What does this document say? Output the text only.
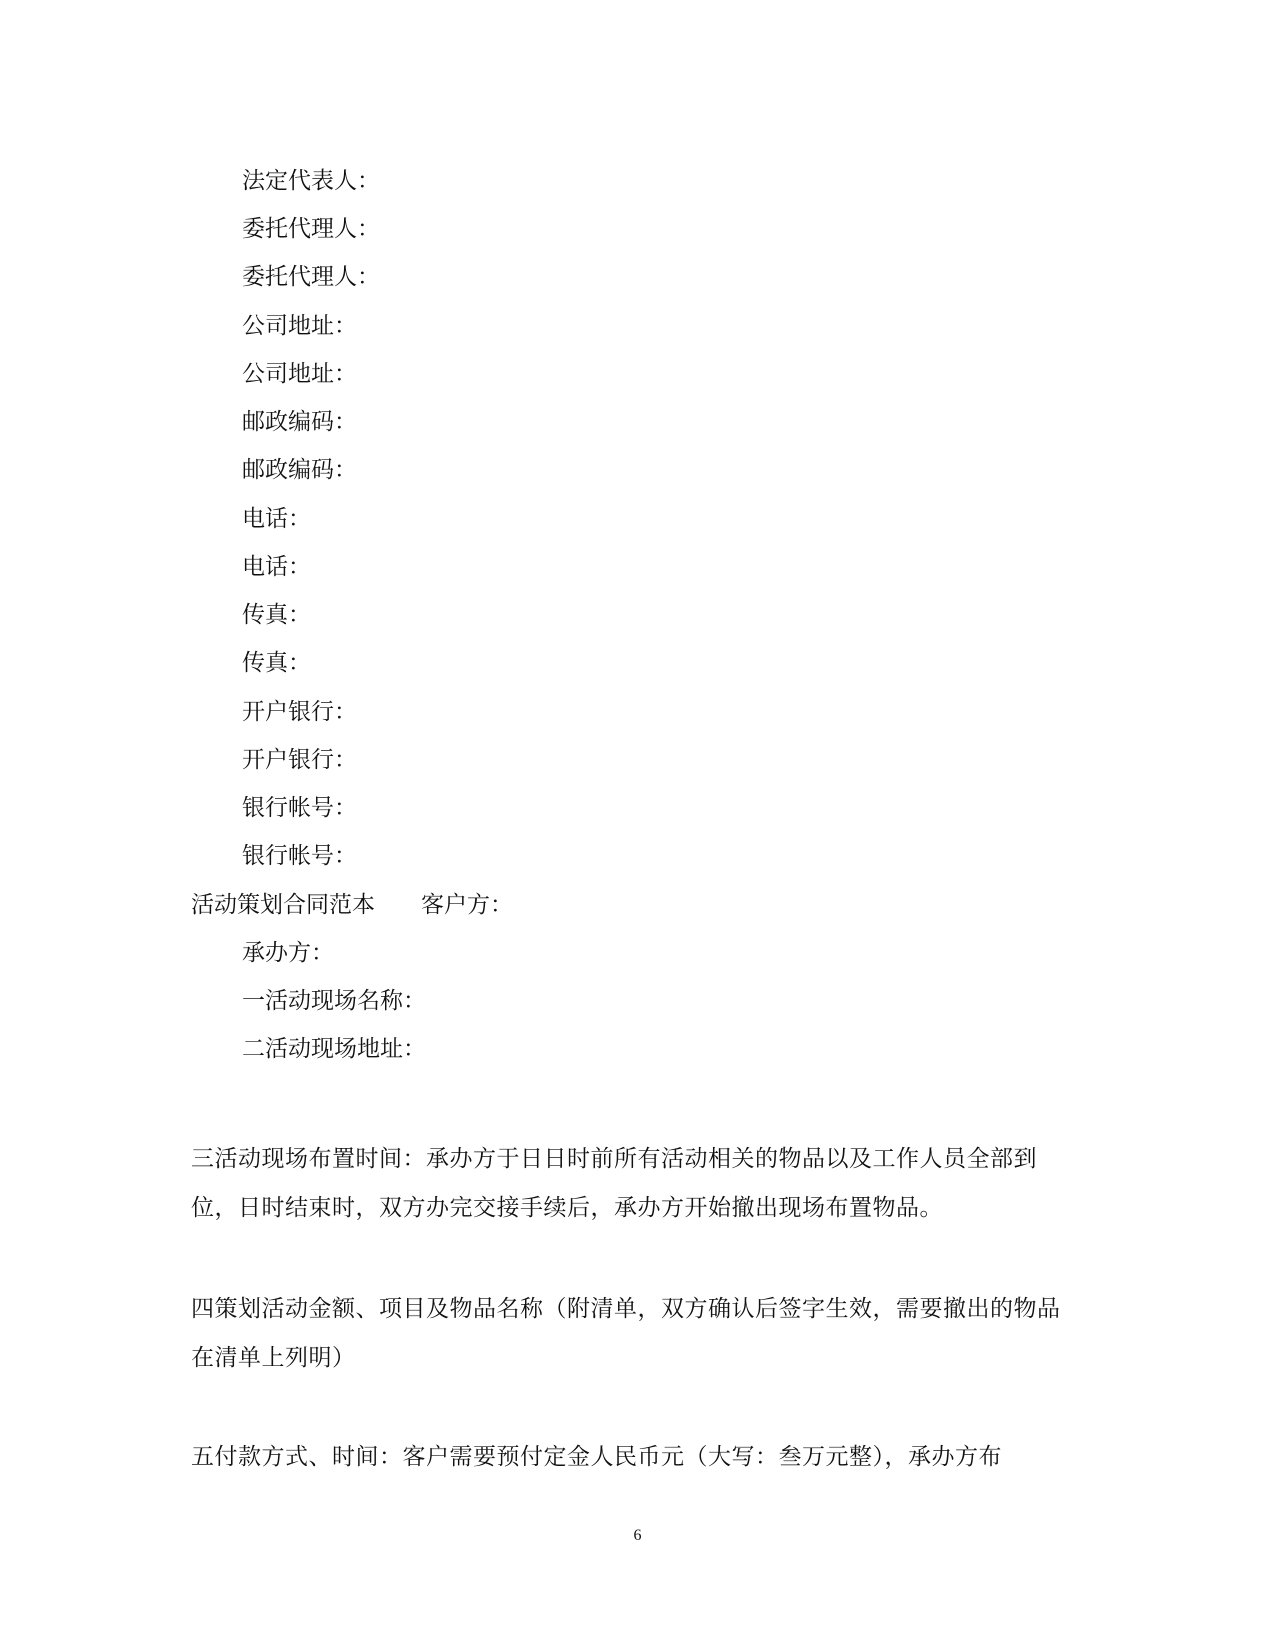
法定代表人：
委托代理人：
委托代理人：
公司地址：
公司地址：
邮政编码：
邮政编码：
电话：
电话：
传真：
传真：
开户银行：
开户银行：
银行帐号：
银行帐号：
活动策划合同范本 客户方：
承办方：
一活动现场名称：
二活动现场地址：
三活动现场布置时间：承办方于日日时前所有活动相关的物品以及工作人员全部到位，日时结束时，双方办完交接手续后，承办方开始撤出现场布置物品。
四策划活动金额、项目及物品名称（附清单，双方确认后签字生效，需要撤出的物品在清单上列明）
五付款方式、时间：客户需要预付定金人民币元（大写：叁万元整），承办方布
6
